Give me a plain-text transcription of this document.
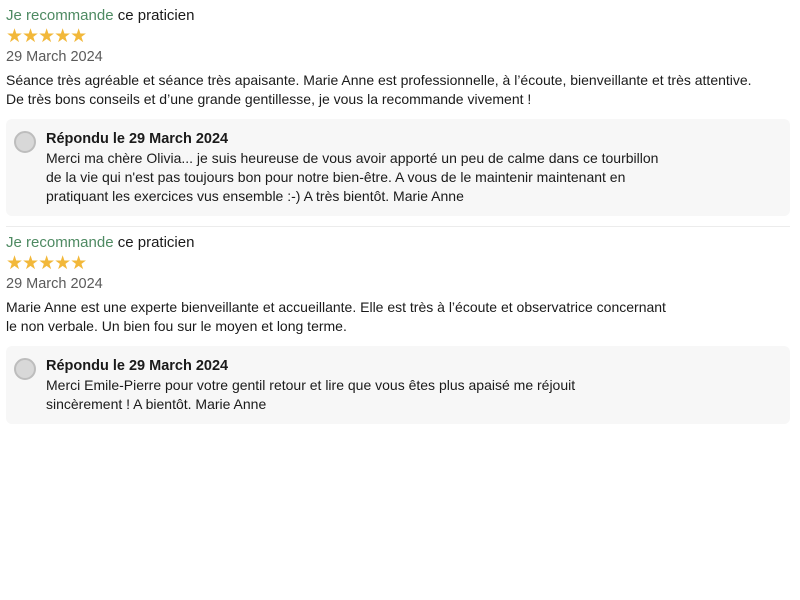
Je recommande ce praticien
★★★★★
29 March 2024
Séance très agréable et séance très apaisante. Marie Anne est professionnelle, à l’écoute, bienveillante et très attentive.
De très bons conseils et d’une grande gentillesse, je vous la recommande vivement !
Répondu le 29 March 2024
Merci ma chère Olivia... je suis heureuse de vous avoir apporté un peu de calme dans ce tourbillon
de la vie qui n'est pas toujours bon pour notre bien-être. A vous de le maintenir maintenant en
pratiquant les exercices vus ensemble :-) A très bientôt. Marie Anne
Je recommande ce praticien
★★★★★
29 March 2024
Marie Anne est une experte bienveillante et accueillante. Elle est très à l’écoute et observatrice concernant
le non verbale. Un bien fou sur le moyen et long terme.
Répondu le 29 March 2024
Merci Emile-Pierre pour votre gentil retour et lire que vous êtes plus apaisé me réjouit
sincèrement ! A bientôt. Marie Anne
